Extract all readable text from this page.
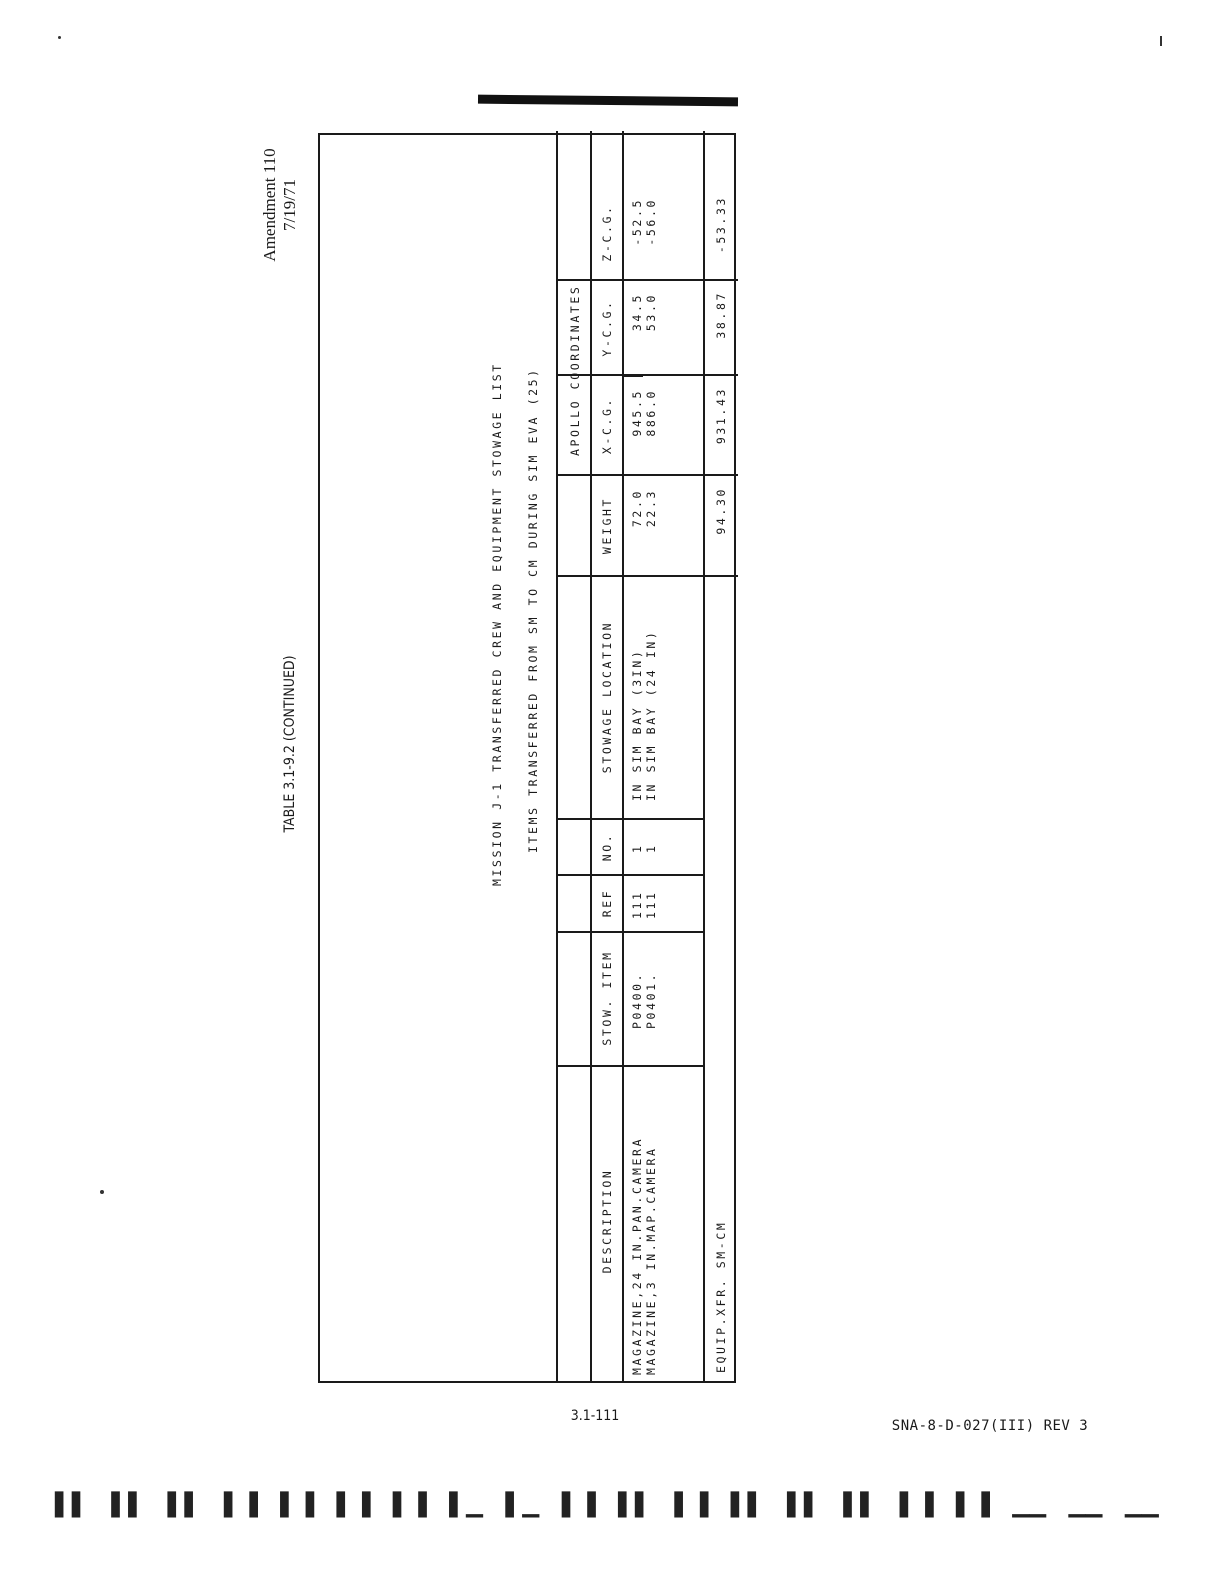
Amendment 110 7/19/71
TABLE 3.1-9.2 (CONTINUED)	MISSION J-1 TRANSFERRED CREW AND EQUIPMENT STOWAGE LIST ITEMS TRANSFERRED FROM SM TO CM DURING SIM EVA (25) APOLLO COORDINATES
DESCRIPTION
STOW. ITEM
REF
NO.
STOWAGE LOCATION
WEIGHT
X-C.G.
Y-C.G.
Z-C.G.
MAGAZINE,24 IN.PAN.CAMERA MAGAZINE,3 IN.MAP.CAMERA
P0400. P0401.
111 111
1 1
IN SIM BAY (3IN) IN SIM BAY (24 IN)
72.0 22.3
945.5 886.0
34.5 53.0
-52.5 -56.0
EQUIP.XFR. SM-CM
94.30
931.43
38.87
-53.33
3.1-111
SNA-8-D-027(III) REV 3
▌▌ ▌▌ ▌▌ ▌▐ ▌▐ ▌▐ ▌▐ ▌▁ ▌▁ ▌▐ ▌▌ ▌▐ ▌▌ ▌▌ ▌▌ ▌▐ ▌▐ ▁▁ ▁▁ ▁▁
